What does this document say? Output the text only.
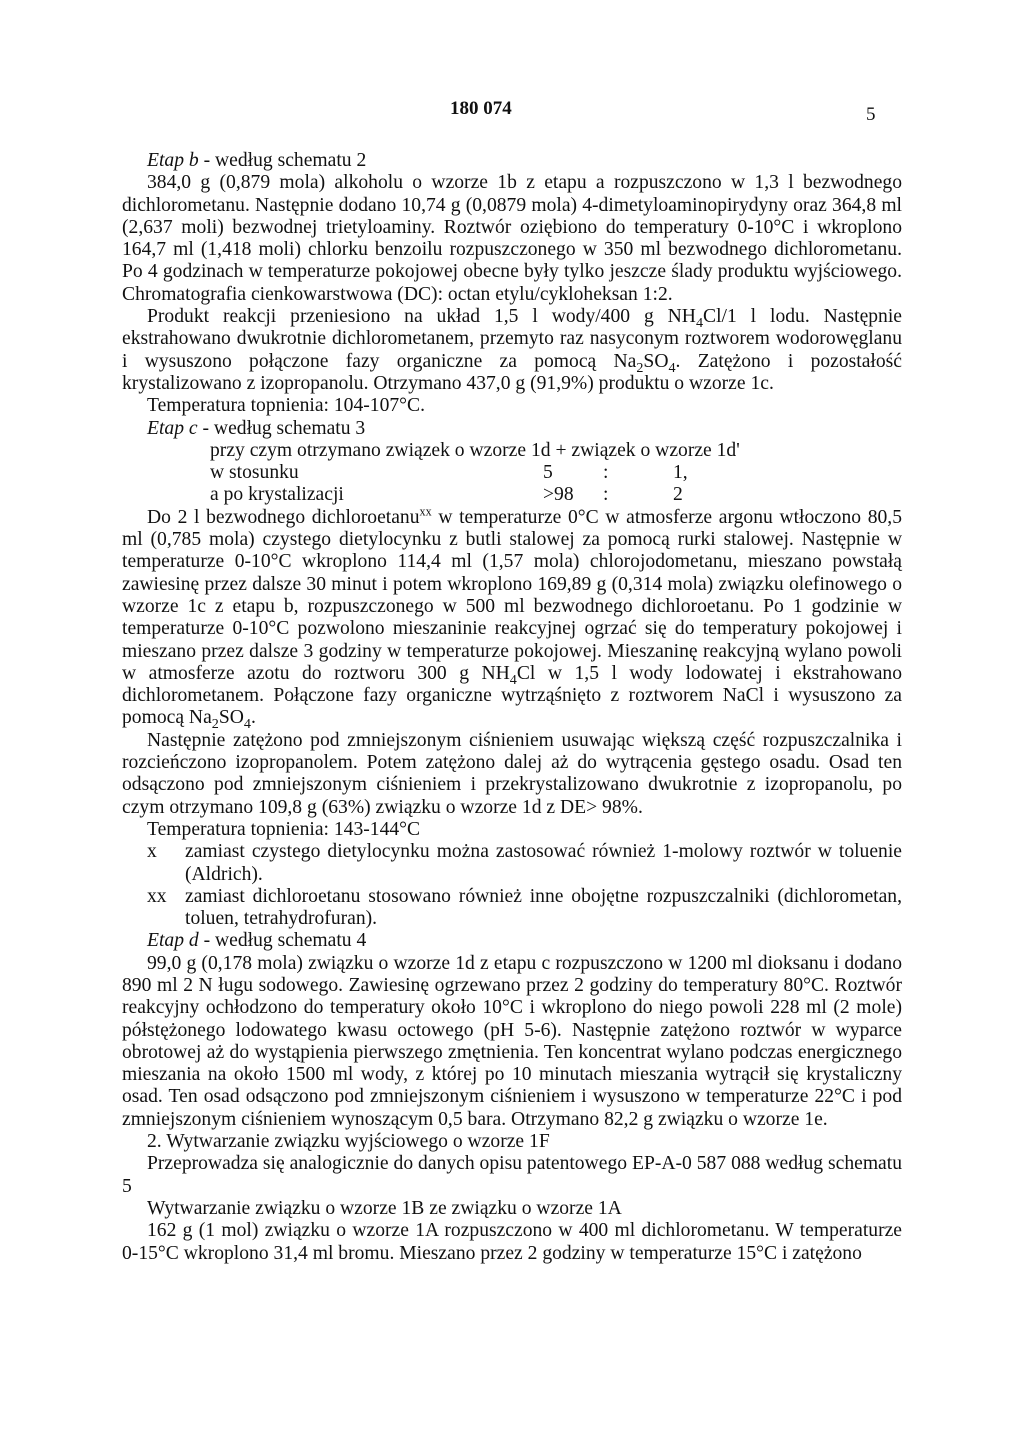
180 074	5

Etap b - według schematu 2

384,0 g (0,879 mola) alkoholu o wzorze 1b z etapu a rozpuszczono w 1,3 l bezwodnego dichlorometanu. Następnie dodano 10,74 g (0,0879 mola) 4-dimetyloaminopirydyny oraz 364,8 ml (2,637 moli) bezwodnej trietyloaminy. Roztwór oziębiono do temperatury 0-10°C i wkroplono 164,7 ml (1,418 moli) chlorku benzoilu rozpuszczonego w 350 ml bezwodnego dichlorometanu. Po 4 godzinach w temperaturze pokojowej obecne były tylko jeszcze ślady produktu wyjściowego. Chromatografia cienkowarstwowa (DC): octan etylu/cykloheksan 1:2.

Produkt reakcji przeniesiono na układ 1,5 l wody/400 g $NH_4Cl/1$ l lodu. Następnie ekstrahowano dwukrotnie dichlorometanem, przemyto raz nasyconym roztworem wodorowęglanu i wysuszono połączone fazy organiczne za pomocą $Na_2SO_4$. Zatężono i pozostałość krystalizowano z izopropanolu. Otrzymano 437,0 g (91,9%) produktu o wzorze 1c.

Temperatura topnienia: 104-107°C.

Etap c - według schematu 3

przy czym otrzymano związek o wzorze 1d + związek o wzorze 1d'

w stosunku	5	:	1,
a po krystalizacji	>98	:	2

Do 2 l bezwodnego dichloroetanu$^{xx}$ w temperaturze 0°C w atmosferze argonu wtłoczono 80,5 ml (0,785 mola) czystego dietylocynku z butli stalowej za pomocą rurki stalowej. Następnie w temperaturze 0-10°C wkroplono 114,4 ml (1,57 mola) chlorojodometanu, mieszano powstałą zawiesinę przez dalsze 30 minut i potem wkroplono 169,89 g (0,314 mola) związku olefinowego o wzorze 1c z etapu b, rozpuszczonego w 500 ml bezwodnego dichloroetanu. Po 1 godzinie w temperaturze 0-10°C pozwolono mieszaninie reakcyjnej ogrzać się do temperatury pokojowej i mieszano przez dalsze 3 godziny w temperaturze pokojowej. Mieszaninę reakcyjną wylano powoli w atmosferze azotu do roztworu 300 g $NH_4Cl$ w 1,5 l wody lodowatej i ekstrahowano dichlorometanem. Połączone fazy organiczne wytrząśnięto z roztworem NaCl i wysuszono za pomocą $Na_2SO_4$.

Następnie zatężono pod zmniejszonym ciśnieniem usuwając większą część rozpuszczalnika i rozcieńczono izopropanolem. Potem zatężono dalej aż do wytrącenia gęstego osadu. Osad ten odsączono pod zmniejszonym ciśnieniem i przekrystalizowano dwukrotnie z izopropanolu, po czym otrzymano 109,8 g (63%) związku o wzorze 1d z DE> 98%.

Temperatura topnienia: 143-144°C

x	zamiast czystego dietylocynku można zastosować również 1-molowy roztwór w toluenie (Aldrich).
xx zamiast dichloroetanu stosowano również inne obojętne rozpuszczalniki (dichlorometan, toluen, tetrahydrofuran).

Etap d - według schematu 4

99,0 g (0,178 mola) związku o wzorze 1d z etapu c rozpuszczono w 1200 ml dioksanu i dodano 890 ml 2 N ługu sodowego. Zawiesinę ogrzewano przez 2 godziny do temperatury 80°C. Roztwór reakcyjny ochłodzono do temperatury około 10°C i wkroplono do niego powoli 228 ml (2 mole) półstężonego lodowatego kwasu octowego (pH 5-6). Następnie zatężono roztwór w wyparce obrotowej aż do wystąpienia pierwszego zmętnienia. Ten koncentrat wylano podczas energicznego mieszania na około 1500 ml wody, z której po 10 minutach mieszania wytrącił się krystaliczny osad. Ten osad odsączono pod zmniejszonym ciśnieniem i wysuszono w temperaturze 22°C i pod zmniejszonym ciśnieniem wynoszącym 0,5 bara. Otrzymano 82,2 g związku o wzorze 1e.

2. Wytwarzanie związku wyjściowego o wzorze 1F

Przeprowadza się analogicznie do danych opisu patentowego EP-A-0 587 088 według schematu 5

Wytwarzanie związku o wzorze 1B ze związku o wzorze 1A

162 g (1 mol) związku o wzorze 1A rozpuszczono w 400 ml dichlorometanu. W temperaturze 0-15°C wkroplono 31,4 ml bromu. Mieszano przez 2 godziny w temperaturze 15°C i zatężono
